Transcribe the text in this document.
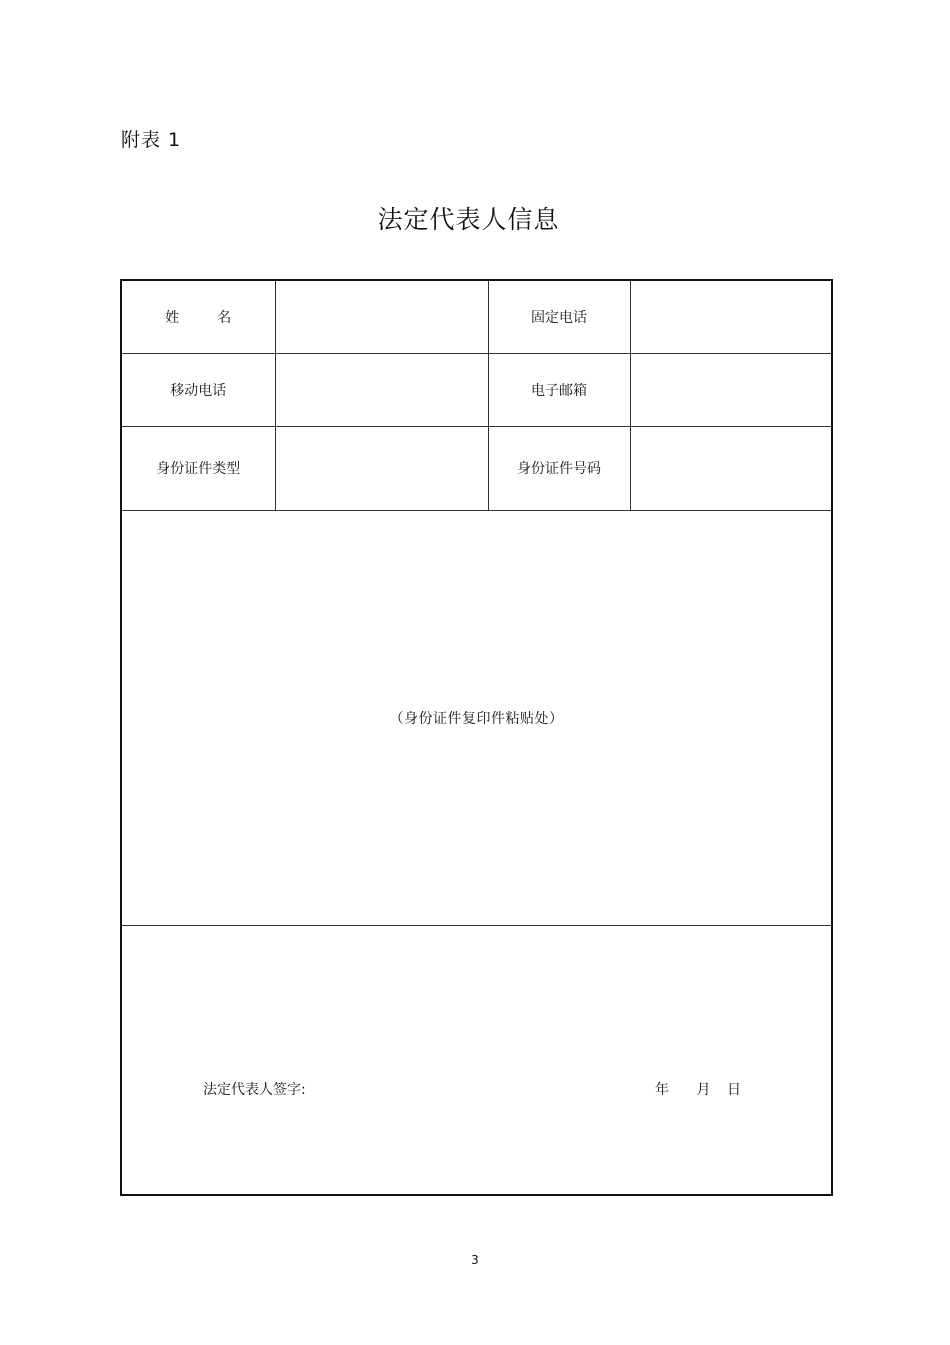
附表 1
法定代表人信息
姓 名		固定电话	
移动电话		电子邮箱	
身份证件类型		身份证件号码	
（身份证件复印件粘贴处）			

法定代表人签字: 年 月 日			
3
